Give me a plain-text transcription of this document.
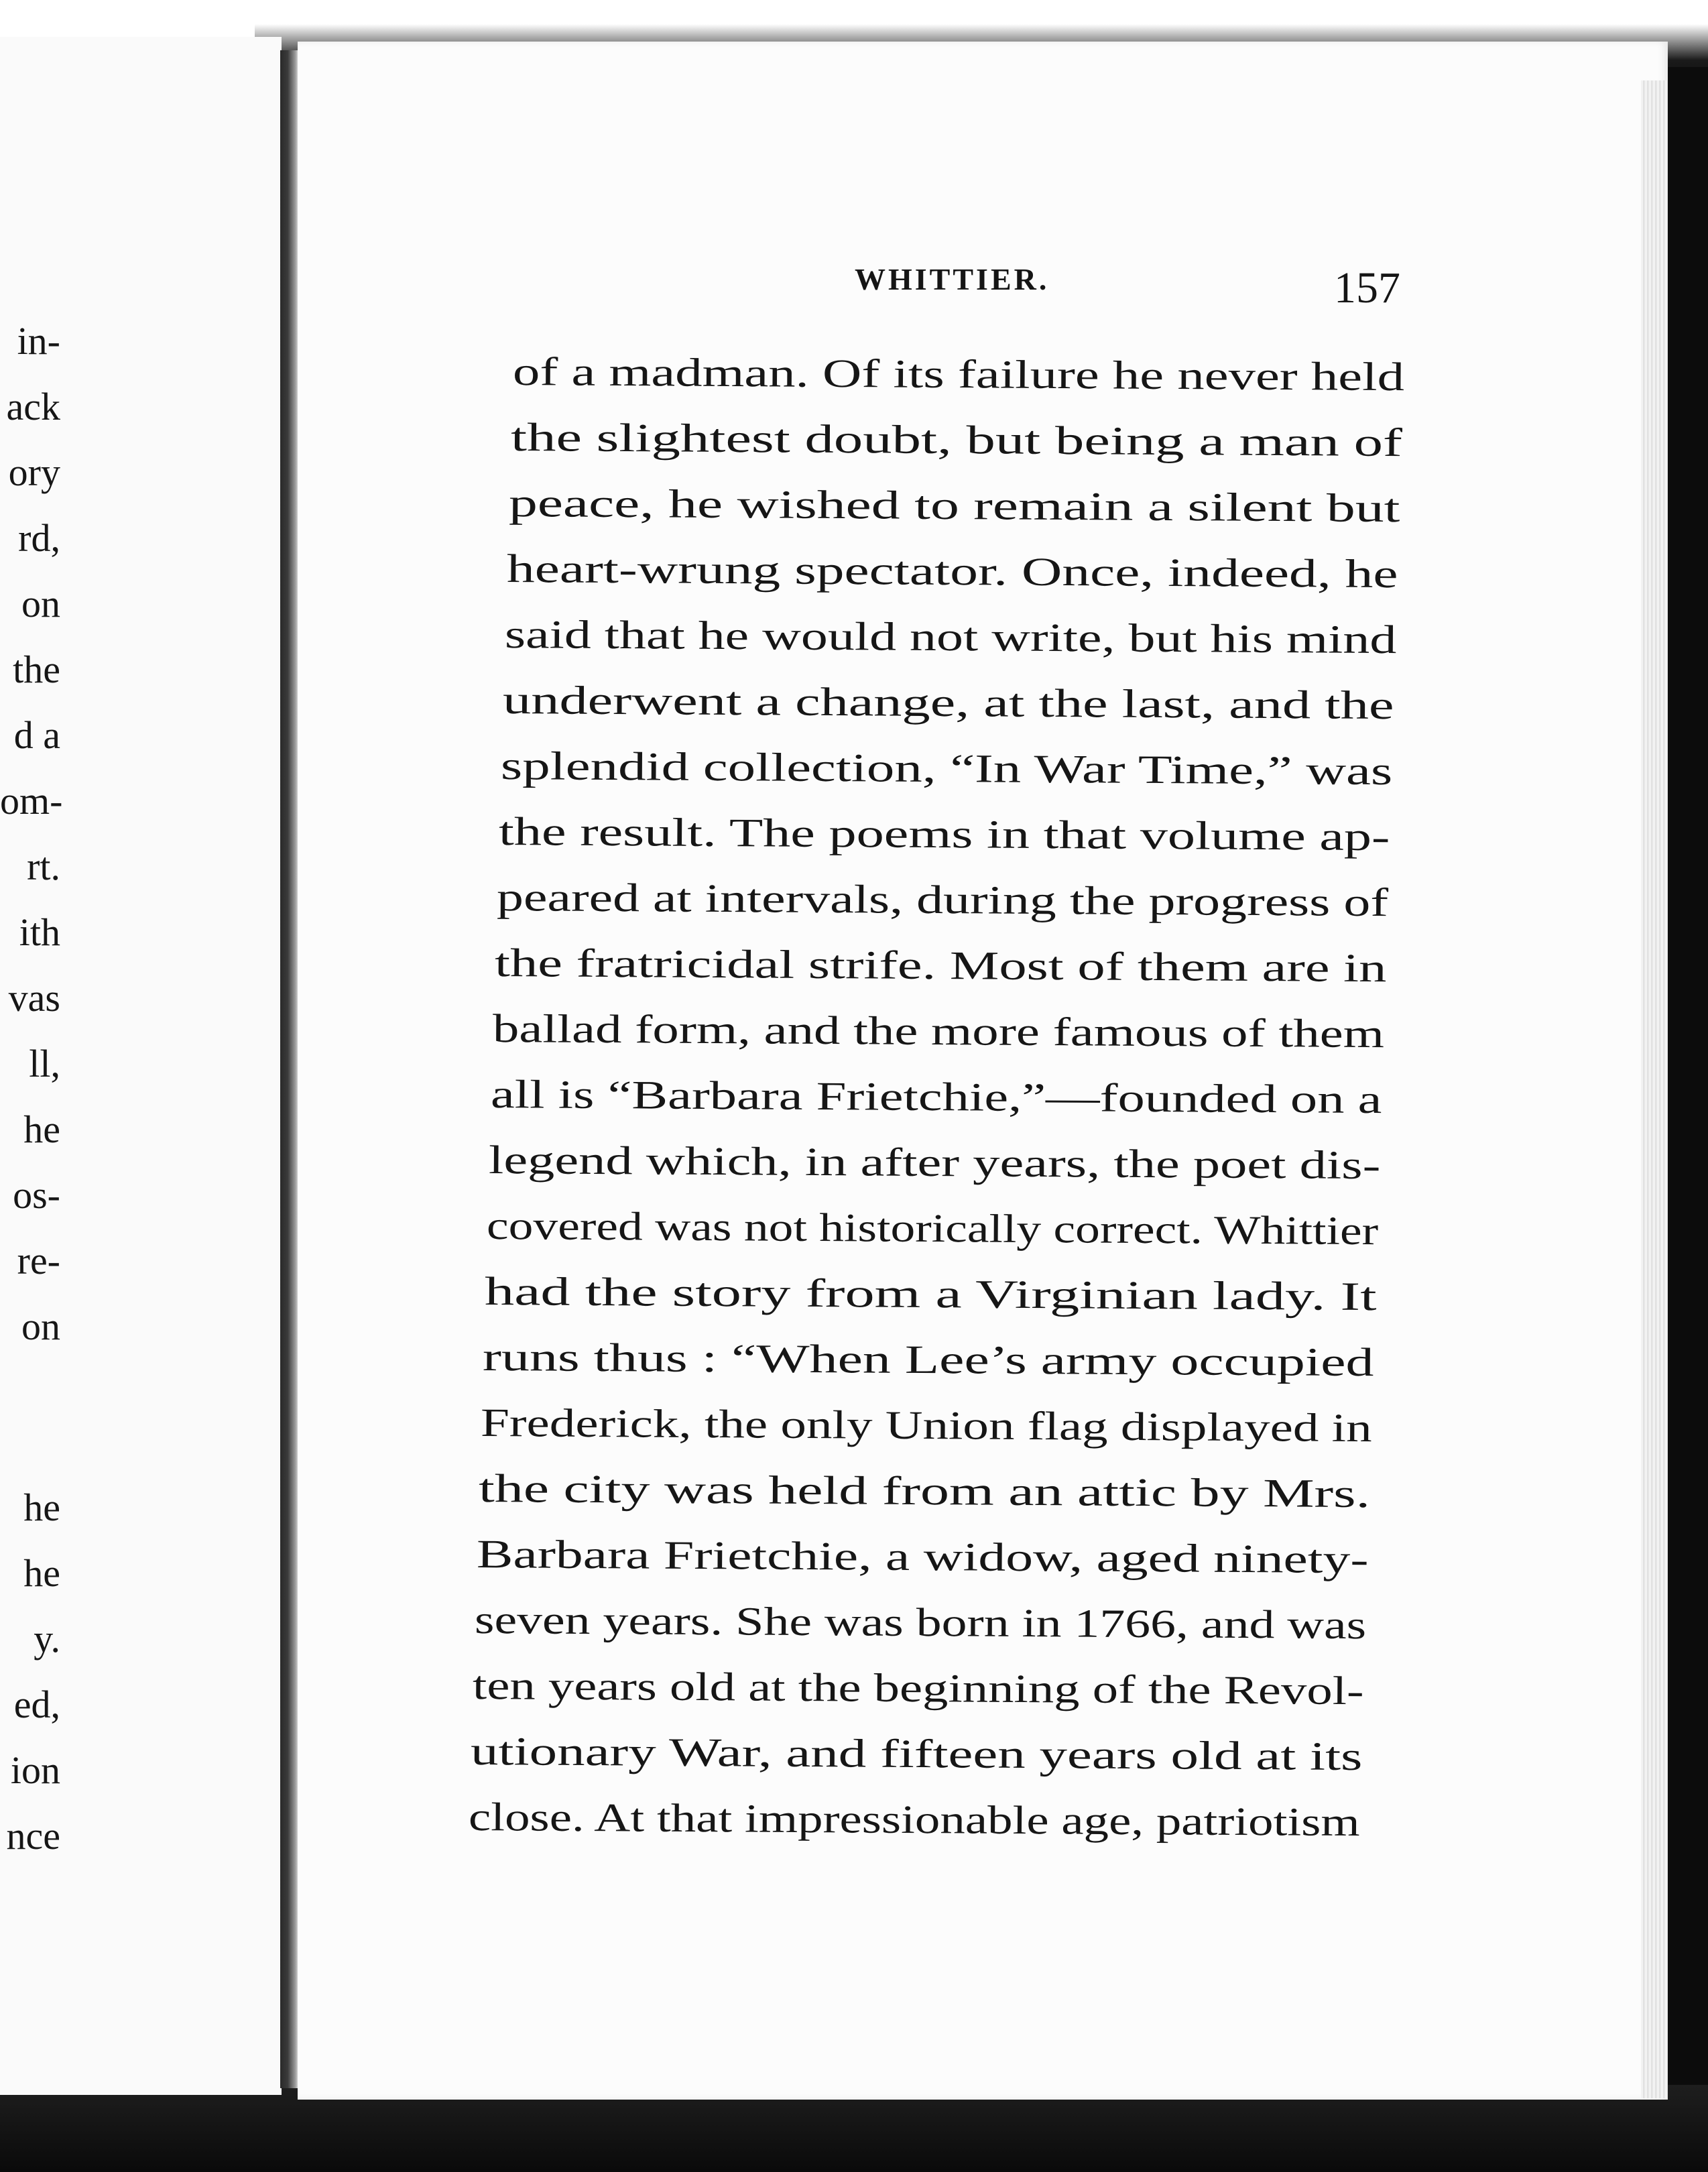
in-
ack
ory
rd,
on
the
d a
om-
rt.
ith
vas
ll,
he
os-
re-
on
he
he
y.
ed,
ion
nce
WHITTIER.	157
of a madman. Of its failure he never held
the slightest doubt, but being a man of
peace, he wished to remain a silent but
heart-wrung spectator. Once, indeed, he
said that he would not write, but his mind
underwent a change, at the last, and the
splendid collection, “In War Time,” was
the result. The poems in that volume ap-
peared at intervals, during the progress of
the fratricidal strife. Most of them are in
ballad form, and the more famous of them
all is “Barbara Frietchie,”—founded on a
legend which, in after years, the poet dis-
covered was not historically correct. Whittier
had the story from a Virginian lady. It
runs thus : “When Lee’s army occupied
Frederick, the only Union flag displayed in
the city was held from an attic by Mrs.
Barbara Frietchie, a widow, aged ninety-
seven years. She was born in 1766, and was
ten years old at the beginning of the Revol-
utionary War, and fifteen years old at its
close. At that impressionable age, patriotism
